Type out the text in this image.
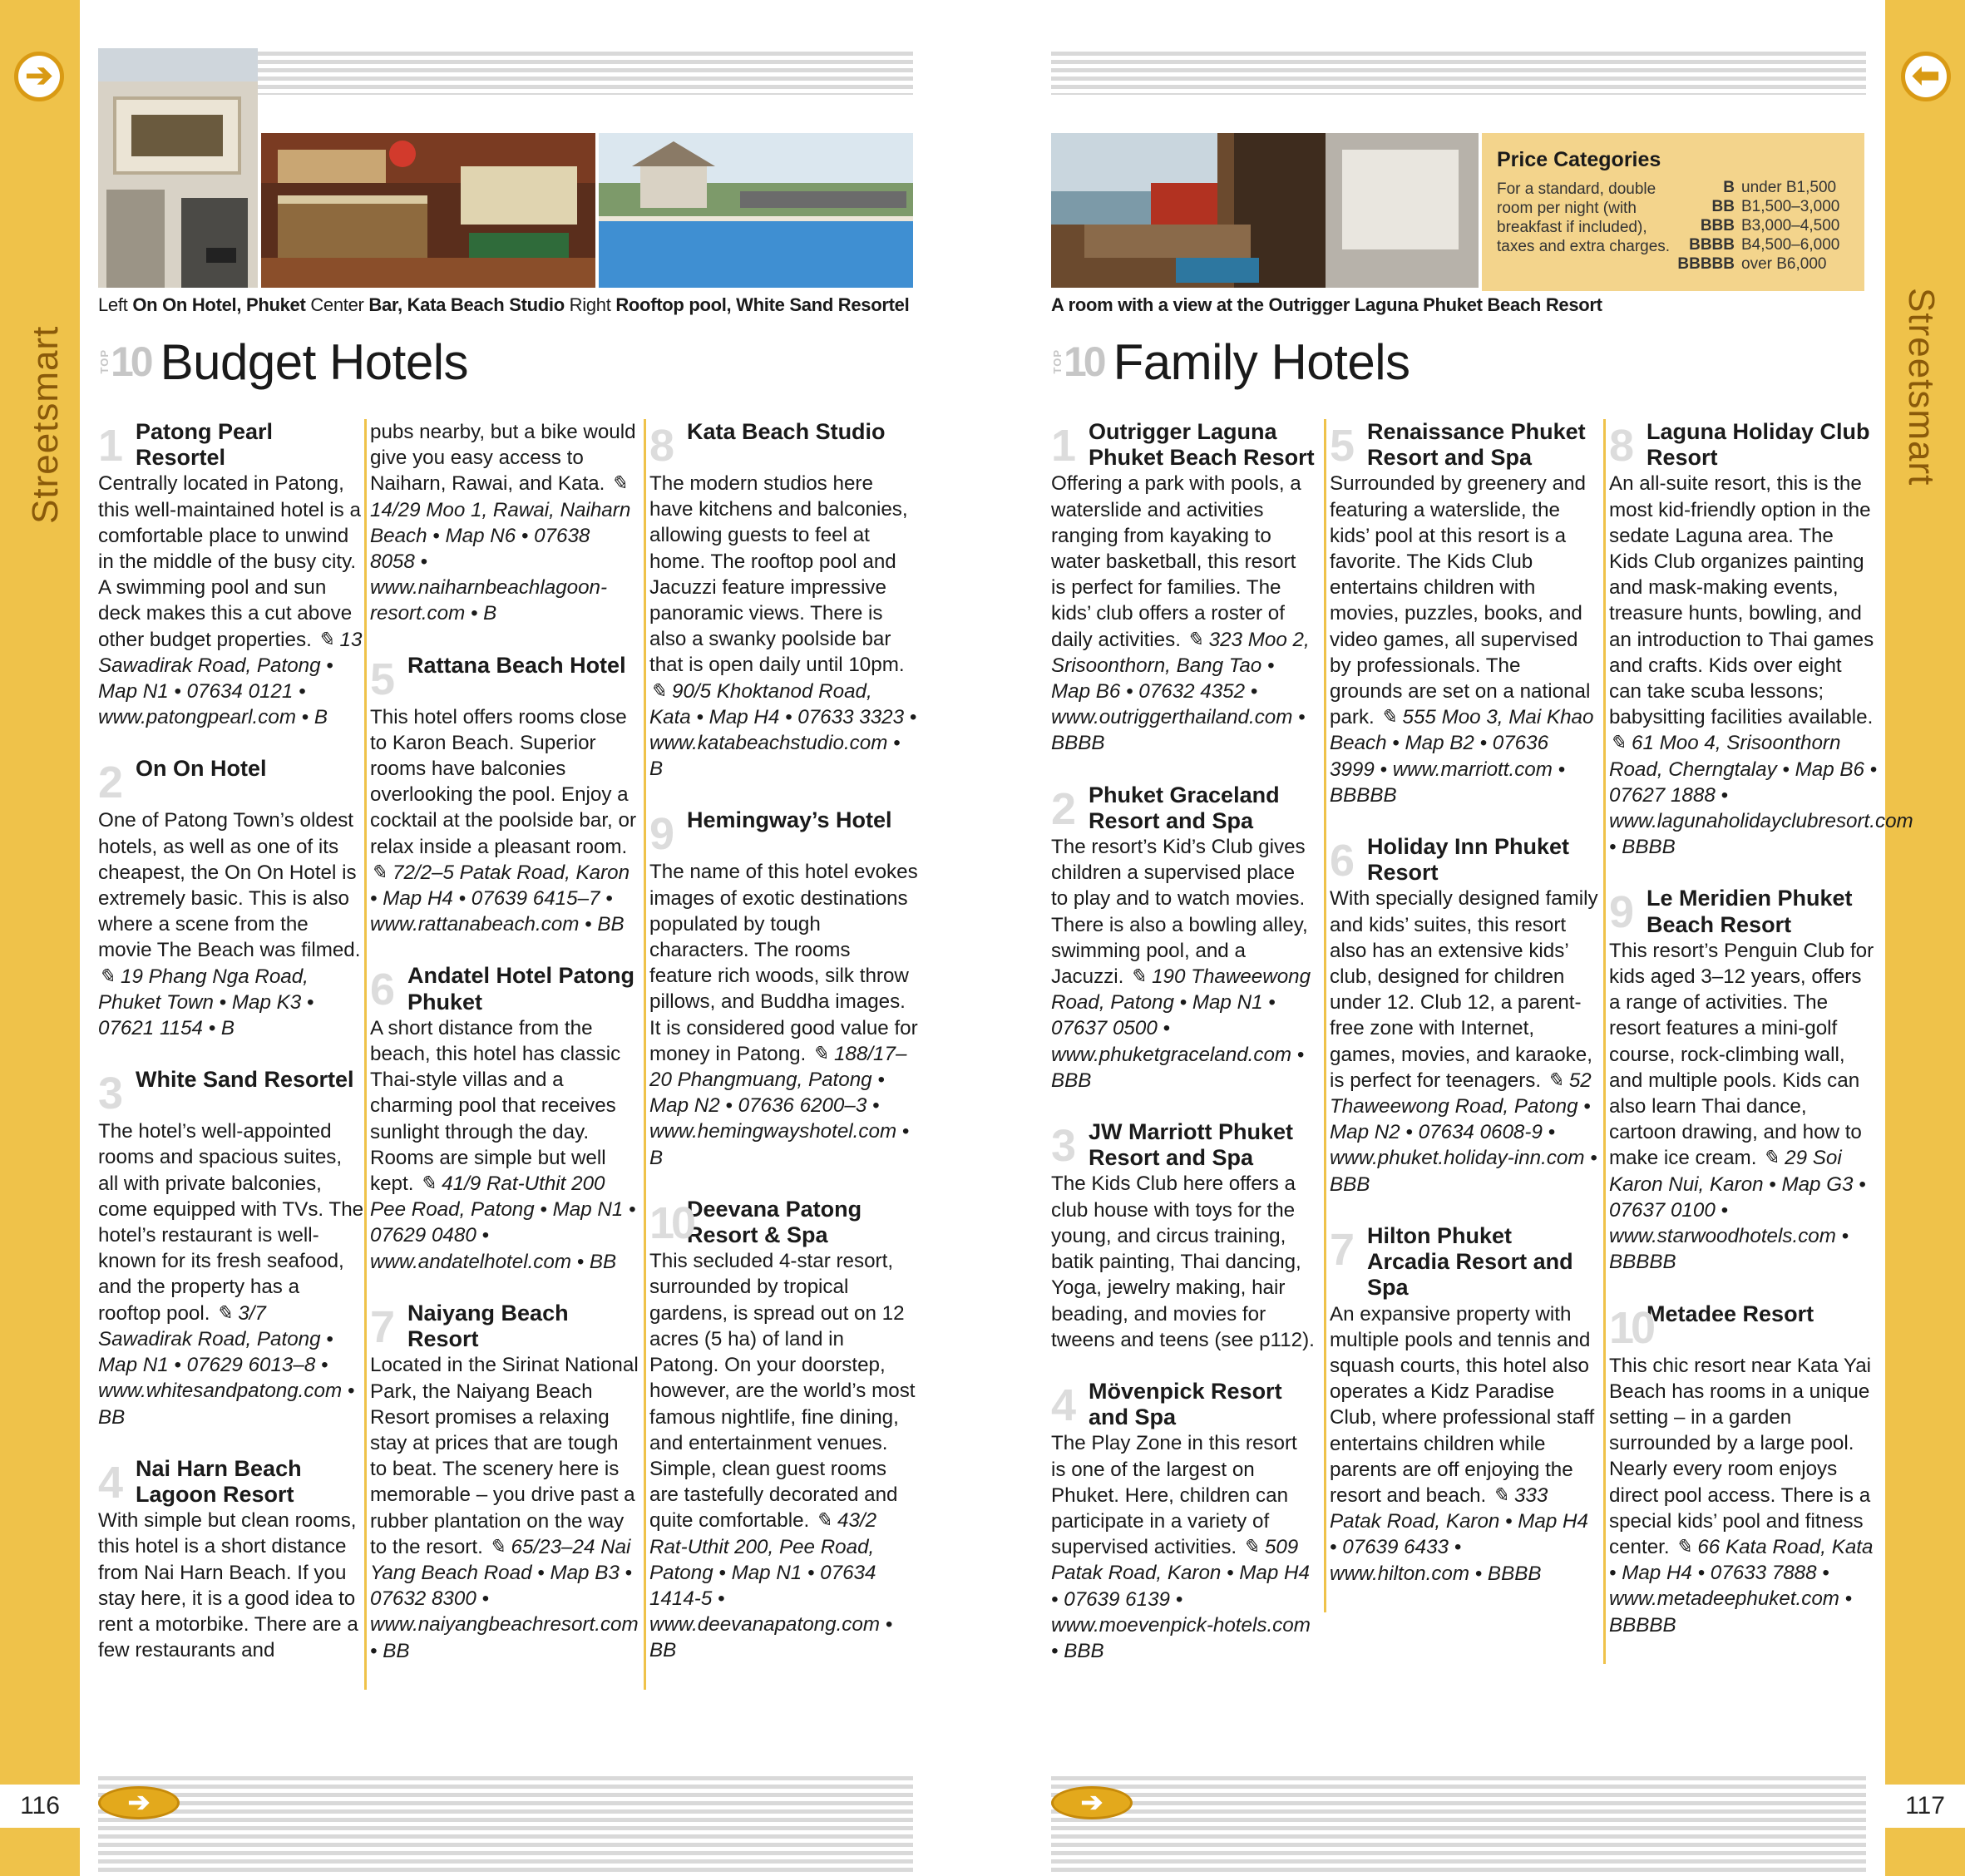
➔
Streetsmart
⬅
Streetsmart
116	117
➔	➔
Left On On Hotel, Phuket Center Bar, Kata Beach Studio Right Rooftop pool, White Sand Resortel
TOP 10 Budget Hotels
Price Categories
For a standard, double room per night (with breakfast if included), taxes and extra charges.
B under B1,500
BB B1,500–3,000
BBB B3,000–4,500
BBBB B4,500–6,000
BBBBB over B6,000
A room with a view at the Outrigger Laguna Phuket Beach Resort
TOP 10 Family Hotels
1 Patong Pearl Resortel
Centrally located in Patong, this well-maintained hotel is a comfortable place to unwind in the middle of the busy city. A swimming pool and sun deck makes this a cut above other budget properties. ✎ 13 Sawadirak Road, Patong • Map N1 • 07634 0121 • www.patongpearl.com • B
2 On On Hotel
One of Patong Town’s oldest hotels, as well as one of its cheapest, the On On Hotel is extremely basic. This is also where a scene from the movie The Beach was filmed. ✎ 19 Phang Nga Road, Phuket Town • Map K3 • 07621 1154 • B
3 White Sand Resortel
The hotel’s well-appointed rooms and spacious suites, all with private balconies, come equipped with TVs. The hotel’s restaurant is well-known for its fresh seafood, and the property has a rooftop pool. ✎ 3/7 Sawadirak Road, Patong • Map N1 • 07629 6013–8 • www.whitesandpatong.com • BB
4 Nai Harn Beach Lagoon Resort
With simple but clean rooms, this hotel is a short distance from Nai Harn Beach. If you stay here, it is a good idea to rent a motorbike. There are a few restaurants and
pubs nearby, but a bike would give you easy access to Naiharn, Rawai, and Kata. ✎ 14/29 Moo 1, Rawai, Naiharn Beach • Map N6 • 07638 8058 • www.naiharnbeachlagoon-resort.com • B
5 Rattana Beach Hotel
This hotel offers rooms close to Karon Beach. Superior rooms have balconies overlooking the pool. Enjoy a cocktail at the poolside bar, or relax inside a pleasant room. ✎ 72/2–5 Patak Road, Karon • Map H4 • 07639 6415–7 • www.rattanabeach.com • BB
6 Andatel Hotel Patong Phuket
A short distance from the beach, this hotel has classic Thai-style villas and a charming pool that receives sunlight through the day. Rooms are simple but well kept. ✎ 41/9 Rat-Uthit 200 Pee Road, Patong • Map N1 • 07629 0480 • www.andatelhotel.com • BB
7 Naiyang Beach Resort
Located in the Sirinat National Park, the Naiyang Beach Resort promises a relaxing stay at prices that are tough to beat. The scenery here is memorable – you drive past a rubber plantation on the way to the resort. ✎ 65/23–24 Nai Yang Beach Road • Map B3 • 07632 8300 • www.naiyangbeachresort.com • BB
8 Kata Beach Studio
The modern studios here have kitchens and balconies, allowing guests to feel at home. The rooftop pool and Jacuzzi feature impressive panoramic views. There is also a swanky poolside bar that is open daily until 10pm. ✎ 90/5 Khoktanod Road, Kata • Map H4 • 07633 3323 • www.katabeachstudio.com • B
9 Hemingway’s Hotel
The name of this hotel evokes images of exotic destinations populated by tough characters. The rooms feature rich woods, silk throw pillows, and Buddha images. It is considered good value for money in Patong. ✎ 188/17–20 Phangmuang, Patong • Map N2 • 07636 6200–3 • www.hemingwayshotel.com • B
10
Deevana Patong Resort & Spa
This secluded 4-star resort, surrounded by tropical gardens, is spread out on 12 acres (5 ha) of land in Patong. On your doorstep, however, are the world’s most famous nightlife, fine dining, and entertainment venues. Simple, clean guest rooms are tastefully decorated and quite comfortable. ✎ 43/2 Rat-Uthit 200, Pee Road, Patong • Map N1 • 07634 1414-5 • www.deevanapatong.com • BB
1 Outrigger Laguna Phuket Beach Resort
Offering a park with pools, a waterslide and activities ranging from kayaking to water basketball, this resort is perfect for families. The kids’ club offers a roster of daily activities. ✎ 323 Moo 2, Srisoonthorn, Bang Tao • Map B6 • 07632 4352 • www.outriggerthailand.com • BBBB
2 Phuket Graceland Resort and Spa
The resort’s Kid’s Club gives children a supervised place to play and to watch movies. There is also a bowling alley, swimming pool, and a Jacuzzi. ✎ 190 Thaweewong Road, Patong • Map N1 • 07637 0500 • www.phuketgraceland.com • BBB
3 JW Marriott Phuket Resort and Spa
The Kids Club here offers a club house with toys for the young, and circus training, batik painting, Thai dancing, Yoga, jewelry making, hair beading, and movies for tweens and teens (see p112).
4 Mövenpick Resort and Spa
The Play Zone in this resort is one of the largest on Phuket. Here, children can participate in a variety of supervised activities. ✎ 509 Patak Road, Karon • Map H4 • 07639 6139 • www.moevenpick-hotels.com • BBB
5 Renaissance Phuket Resort and Spa
Surrounded by greenery and featuring a waterslide, the kids’ pool at this resort is a favorite. The Kids Club entertains children with movies, puzzles, books, and video games, all supervised by professionals. The grounds are set on a national park. ✎ 555 Moo 3, Mai Khao Beach • Map B2 • 07636 3999 • www.marriott.com • BBBBB
6 Holiday Inn Phuket Resort
With specially designed family and kids’ suites, this resort also has an extensive kids’ club, designed for children under 12. Club 12, a parent-free zone with Internet, games, movies, and karaoke, is perfect for teenagers. ✎ 52 Thaweewong Road, Patong • Map N2 • 07634 0608-9 • www.phuket.holiday-inn.com • BBB
7 Hilton Phuket Arcadia Resort and Spa
An expansive property with multiple pools and tennis and squash courts, this hotel also operates a Kidz Paradise Club, where professional staff entertains children while parents are off enjoying the resort and beach. ✎ 333 Patak Road, Karon • Map H4 • 07639 6433 • www.hilton.com • BBBB
8 Laguna Holiday Club Resort
An all-suite resort, this is the most kid-friendly option in the sedate Laguna area. The Kids Club organizes painting and mask-making events, treasure hunts, bowling, and an introduction to Thai games and crafts. Kids over eight can take scuba lessons; babysitting facilities available. ✎ 61 Moo 4, Srisoonthorn Road, Cherngtalay • Map B6 • 07627 1888 • www.lagunaholidayclubresort.com • BBBB
9 Le Meridien Phuket Beach Resort
This resort’s Penguin Club for kids aged 3–12 years, offers a range of activities. The resort features a mini-golf course, rock-climbing wall, and multiple pools. Kids can also learn Thai dance, cartoon drawing, and how to make ice cream. ✎ 29 Soi Karon Nui, Karon • Map G3 • 07637 0100 • www.starwoodhotels.com • BBBBB
10
Metadee Resort
This chic resort near Kata Yai Beach has rooms in a unique setting – in a garden surrounded by a large pool. Nearly every room enjoys direct pool access. There is a special kids’ pool and fitness center. ✎ 66 Kata Road, Kata • Map H4 • 07633 7888 • www.metadeephuket.com • BBBBB
